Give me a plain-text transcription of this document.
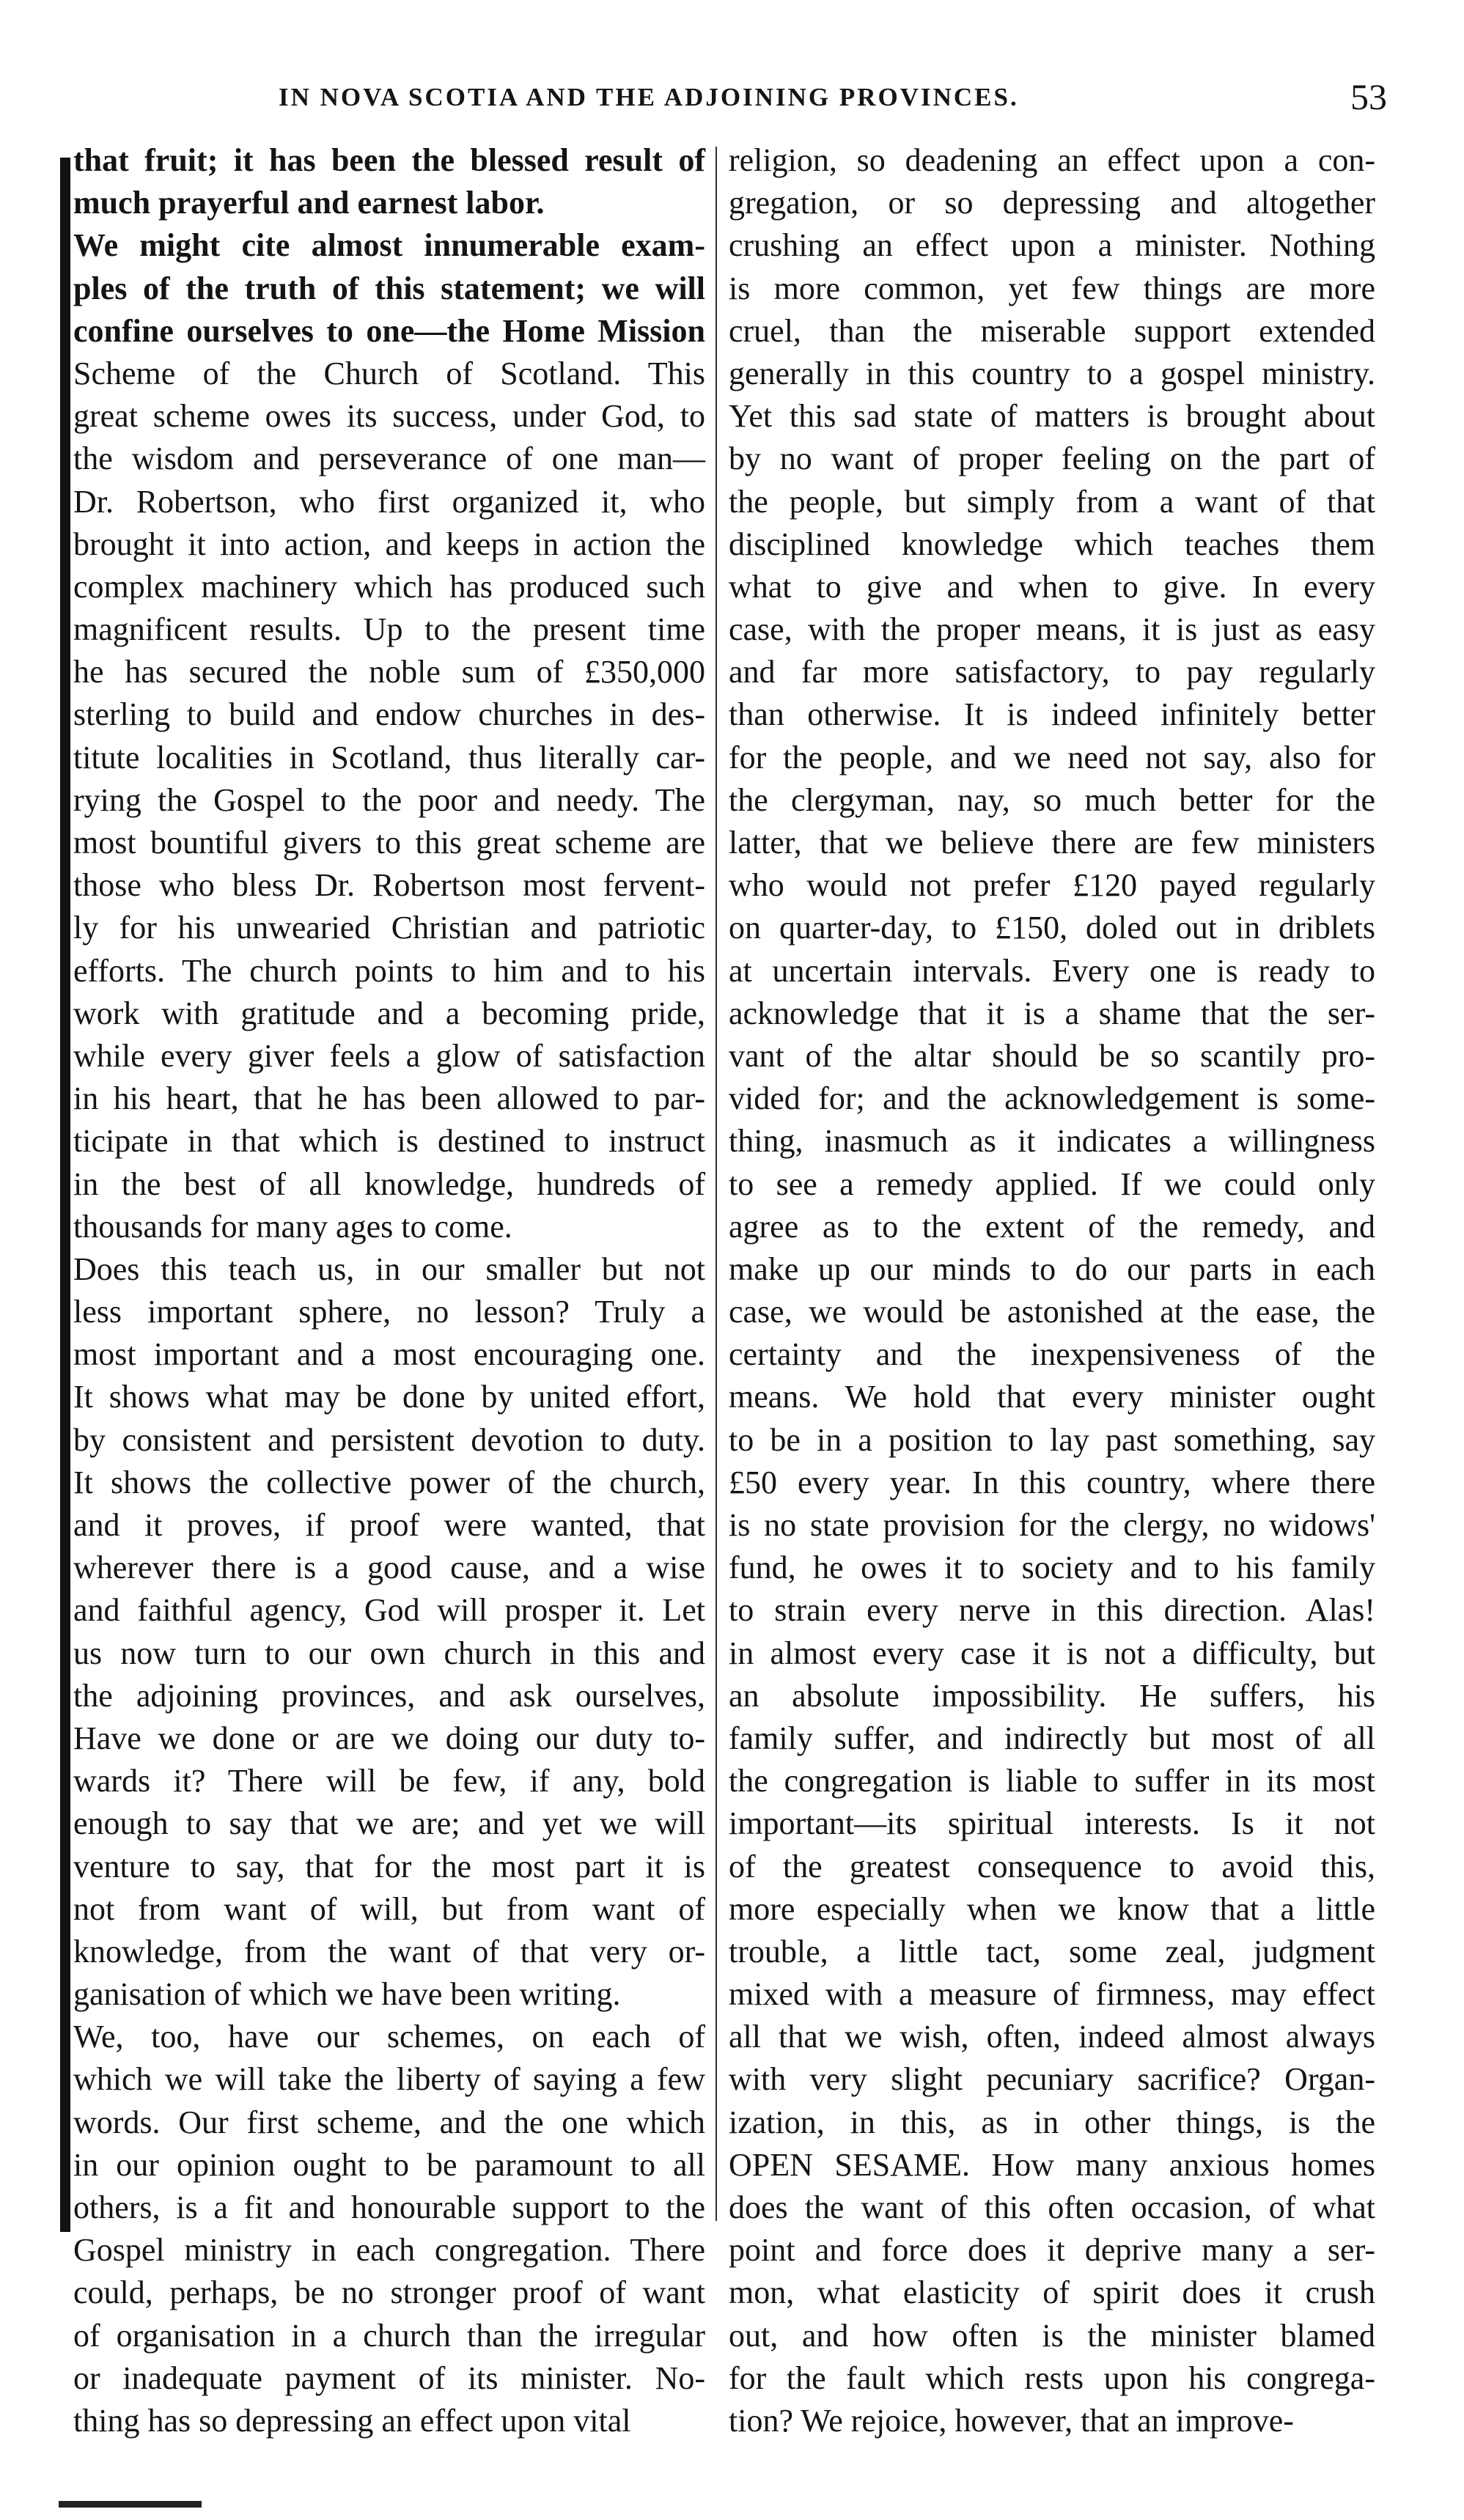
IN NOVA SCOTIA AND THE ADJOINING PROVINCES.	53
that fruit; it has been the blessed result of
much prayerful and earnest labor.
We might cite almost innumerable exam-
ples of the truth of this statement; we will
confine ourselves to one—the Home Mission
Scheme of the Church of Scotland. This
great scheme owes its success, under God, to
the wisdom and perseverance of one man—
Dr. Robertson, who first organized it, who
brought it into action, and keeps in action the
complex machinery which has produced such
magnificent results. Up to the present time
he has secured the noble sum of £350,000
sterling to build and endow churches in des-
titute localities in Scotland, thus literally car-
rying the Gospel to the poor and needy. The
most bountiful givers to this great scheme are
those who bless Dr. Robertson most fervent-
ly for his unwearied Christian and patriotic
efforts. The church points to him and to his
work with gratitude and a becoming pride,
while every giver feels a glow of satisfaction
in his heart, that he has been allowed to par-
ticipate in that which is destined to instruct
in the best of all knowledge, hundreds of
thousands for many ages to come.
Does this teach us, in our smaller but not
less important sphere, no lesson? Truly a
most important and a most encouraging one.
It shows what may be done by united effort,
by consistent and persistent devotion to duty.
It shows the collective power of the church,
and it proves, if proof were wanted, that
wherever there is a good cause, and a wise
and faithful agency, God will prosper it. Let
us now turn to our own church in this and
the adjoining provinces, and ask ourselves,
Have we done or are we doing our duty to-
wards it? There will be few, if any, bold
enough to say that we are; and yet we will
venture to say, that for the most part it is
not from want of will, but from want of
knowledge, from the want of that very or-
ganisation of which we have been writing.
We, too, have our schemes, on each of
which we will take the liberty of saying a few
words. Our first scheme, and the one which
in our opinion ought to be paramount to all
others, is a fit and honourable support to the
Gospel ministry in each congregation. There
could, perhaps, be no stronger proof of want
of organisation in a church than the irregular
or inadequate payment of its minister. No-
thing has so depressing an effect upon vital
religion, so deadening an effect upon a con-
gregation, or so depressing and altogether
crushing an effect upon a minister. Nothing
is more common, yet few things are more
cruel, than the miserable support extended
generally in this country to a gospel ministry.
Yet this sad state of matters is brought about
by no want of proper feeling on the part of
the people, but simply from a want of that
disciplined knowledge which teaches them
what to give and when to give. In every
case, with the proper means, it is just as easy
and far more satisfactory, to pay regularly
than otherwise. It is indeed infinitely better
for the people, and we need not say, also for
the clergyman, nay, so much better for the
latter, that we believe there are few ministers
who would not prefer £120 payed regularly
on quarter-day, to £150, doled out in driblets
at uncertain intervals. Every one is ready to
acknowledge that it is a shame that the ser-
vant of the altar should be so scantily pro-
vided for; and the acknowledgement is some-
thing, inasmuch as it indicates a willingness
to see a remedy applied. If we could only
agree as to the extent of the remedy, and
make up our minds to do our parts in each
case, we would be astonished at the ease, the
certainty and the inexpensiveness of the
means. We hold that every minister ought
to be in a position to lay past something, say
£50 every year. In this country, where there
is no state provision for the clergy, no widows'
fund, he owes it to society and to his family
to strain every nerve in this direction. Alas!
in almost every case it is not a difficulty, but
an absolute impossibility. He suffers, his
family suffer, and indirectly but most of all
the congregation is liable to suffer in its most
important—its spiritual interests. Is it not
of the greatest consequence to avoid this,
more especially when we know that a little
trouble, a little tact, some zeal, judgment
mixed with a measure of firmness, may effect
all that we wish, often, indeed almost always
with very slight pecuniary sacrifice? Organ-
ization, in this, as in other things, is the
OPEN SESAME. How many anxious homes
does the want of this often occasion, of what
point and force does it deprive many a ser-
mon, what elasticity of spirit does it crush
out, and how often is the minister blamed
for the fault which rests upon his congrega-
tion? We rejoice, however, that an improve-
